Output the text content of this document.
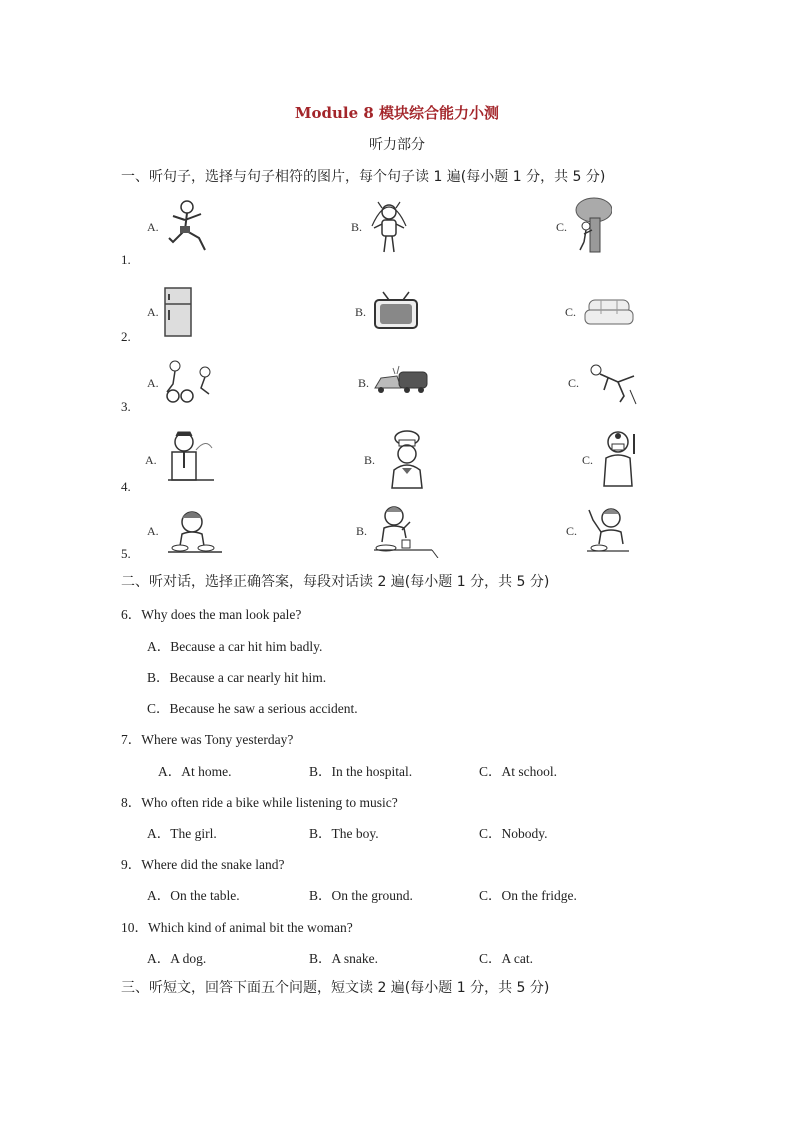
Module 8 模块综合能力小测
听力部分
一、听句子，选择与句子相符的图片，每个句子读 1 遍(每小题 1 分，共 5 分)
A.	B.	C.
1.
A.	B.	C.
2.
A.	B.	C.
3.
A.	B.	C.
4.
A.	B.	C.
5.
二、听对话，选择正确答案，每段对话读 2 遍(每小题 1 分，共 5 分)
6．Why does the man look pale?
A．Because a car hit him badly.
B．Because a car nearly hit him.
C．Because he saw a serious accident.
7．Where was Tony yesterday?
A．At home.	B．In the hospital.	C．At school.
8．Who often ride a bike while listening to music?
A．The girl.	B．The boy.	C．Nobody.
9．Where did the snake land?
A．On the table.	B．On the ground.	C．On the fridge.
10．Which kind of animal bit the woman?
A．A dog.	B．A snake.	C．A cat.
三、听短文，回答下面五个问题，短文读 2 遍(每小题 1 分，共 5 分)
